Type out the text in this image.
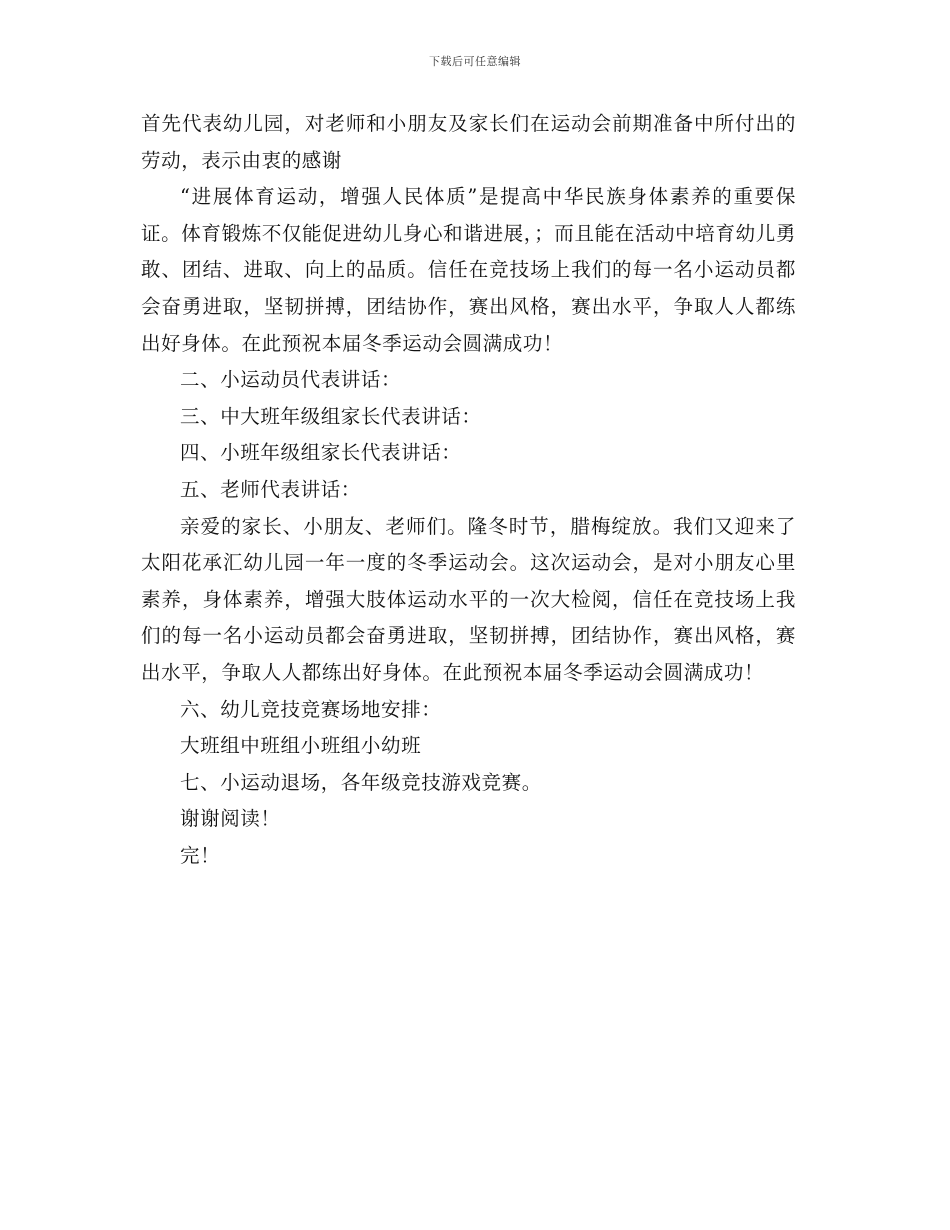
下载后可任意编辑

首先代表幼儿园，对老师和小朋友及家长们在运动会前期准备中所付出的劳动，表示由衷的感谢

“进展体育运动，增强人民体质”是提高中华民族身体素养的重要保证。体育锻炼不仅能促进幼儿身心和谐进展，；而且能在活动中培育幼儿勇敢、团结、进取、向上的品质。信任在竞技场上我们的每一名小运动员都会奋勇进取，坚韧拼搏，团结协作，赛出风格，赛出水平，争取人人都练出好身体。在此预祝本届冬季运动会圆满成功！

二、小运动员代表讲话：

三、中大班年级组家长代表讲话：

四、小班年级组家长代表讲话：

五、老师代表讲话：

亲爱的家长、小朋友、老师们。隆冬时节，腊梅绽放。我们又迎来了太阳花承汇幼儿园一年一度的冬季运动会。这次运动会，是对小朋友心里素养，身体素养，增强大肢体运动水平的一次大检阅，信任在竞技场上我们的每一名小运动员都会奋勇进取，坚韧拼搏，团结协作，赛出风格，赛出水平，争取人人都练出好身体。在此预祝本届冬季运动会圆满成功！

六、幼儿竞技竞赛场地安排：

大班组中班组小班组小幼班

七、小运动退场，各年级竞技游戏竞赛。

谢谢阅读！

完！
